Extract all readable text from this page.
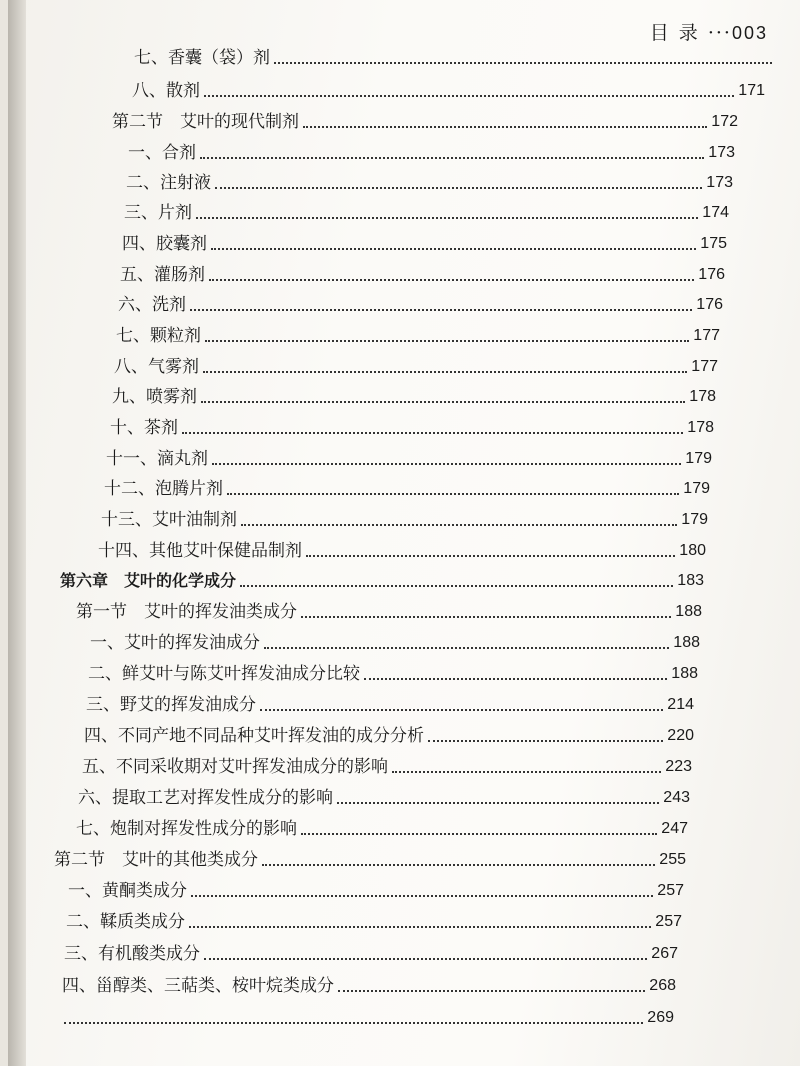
目 录 ···003
七、香囊（袋）剂
八、散剂	171
第二节　艾叶的现代制剂	172
一、合剂	173
二、注射液	173
三、片剂	174
四、胶囊剂	175
五、灌肠剂	176
六、洗剂	176
七、颗粒剂	177
八、气雾剂	177
九、喷雾剂	178
十、茶剂	178
十一、滴丸剂	179
十二、泡腾片剂	179
十三、艾叶油制剂	179
十四、其他艾叶保健品制剂	180
第六章　艾叶的化学成分	183
第一节　艾叶的挥发油类成分	188
一、艾叶的挥发油成分	188
二、鲜艾叶与陈艾叶挥发油成分比较	188
三、野艾的挥发油成分	214
四、不同产地不同品种艾叶挥发油的成分分析	220
五、不同采收期对艾叶挥发油成分的影响	223
六、提取工艺对挥发性成分的影响	243
七、炮制对挥发性成分的影响	247
第二节　艾叶的其他类成分	255
一、黄酮类成分	257
二、鞣质类成分	257
三、有机酸类成分	267
四、甾醇类、三萜类、桉叶烷类成分	268
269
